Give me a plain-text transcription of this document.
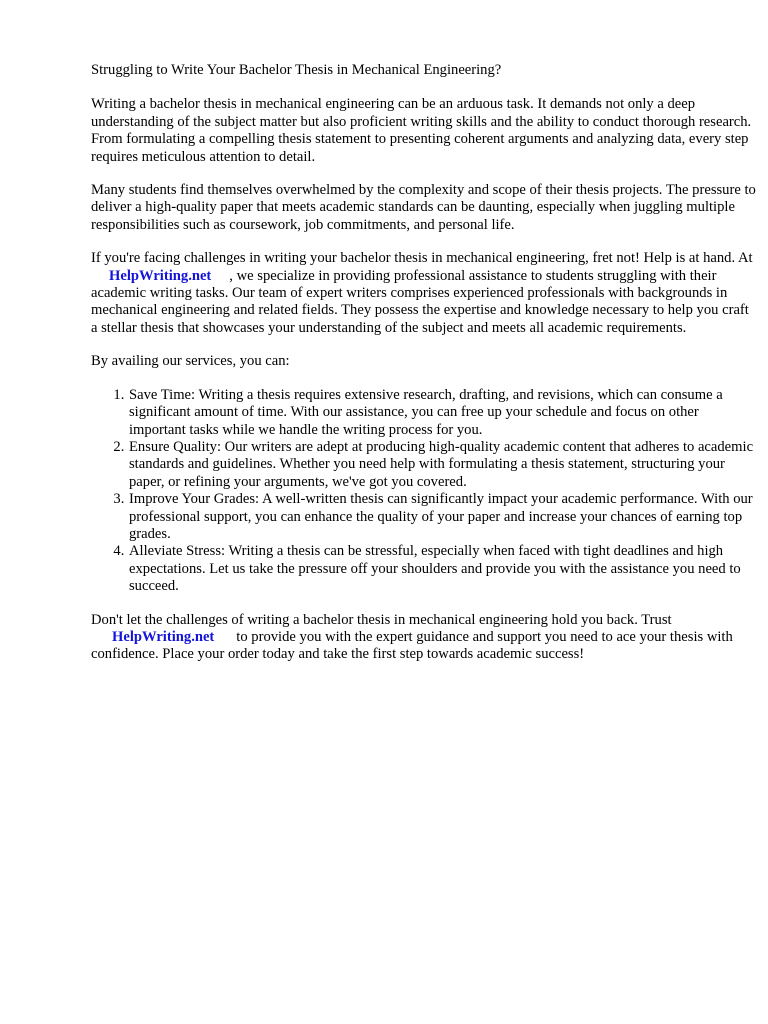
Struggling to Write Your Bachelor Thesis in Mechanical Engineering?

Writing a bachelor thesis in mechanical engineering can be an arduous task. It demands not only a deep understanding of the subject matter but also proficient writing skills and the ability to conduct thorough research. From formulating a compelling thesis statement to presenting coherent arguments and analyzing data, every step requires meticulous attention to detail.

Many students find themselves overwhelmed by the complexity and scope of their thesis projects. The pressure to deliver a high-quality paper that meets academic standards can be daunting, especially when juggling multiple responsibilities such as coursework, job commitments, and personal life.

If you're facing challenges in writing your bachelor thesis in mechanical engineering, fret not! Help is at hand. AtHelpWriting.net , we specialize in providing professional assistance to students struggling with their academic writing tasks. Our team of expert writers comprises experienced professionals with backgrounds in mechanical engineering and related fields. They possess the expertise and knowledge necessary to help you craft a stellar thesis that showcases your understanding of the subject and meets all academic requirements.

By availing our services, you can:

1. Save Time: Writing a thesis requires extensive research, drafting, and revisions, which can consume a significant amount of time. With our assistance, you can free up your schedule and focus on other important tasks while we handle the writing process for you.
2. Ensure Quality: Our writers are adept at producing high-quality academic content that adheres to academic standards and guidelines. Whether you need help with formulating a thesis statement, structuring your paper, or refining your arguments, we've got you covered.
3. Improve Your Grades: A well-written thesis can significantly impact your academic performance. With our professional support, you can enhance the quality of your paper and increase your chances of earning top grades.
4. Alleviate Stress: Writing a thesis can be stressful, especially when faced with tight deadlines and high expectations. Let us take the pressure off your shoulders and provide you with the assistance you need to succeed.

Don't let the challenges of writing a bachelor thesis in mechanical engineering hold you back. Trust
HelpWriting.net to provide you with the expert guidance and support you need to ace your thesis with confidence. Place your order today and take the first step towards academic success!
